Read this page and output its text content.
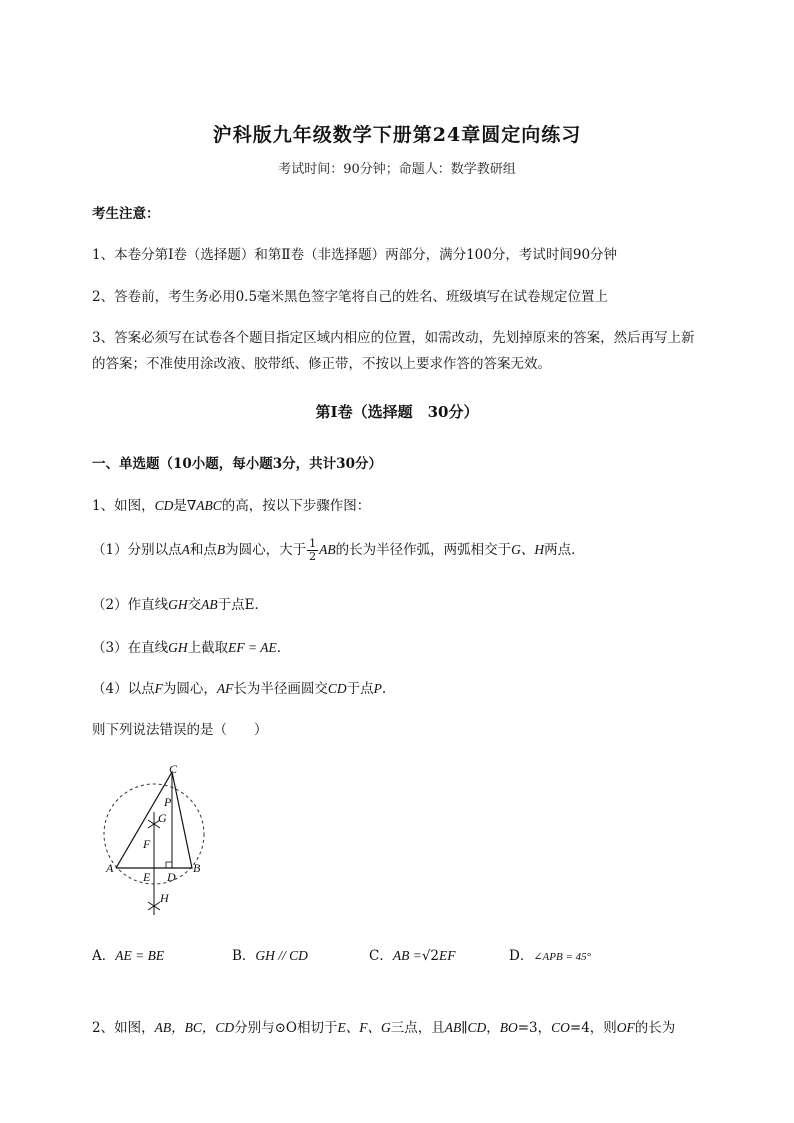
沪科版九年级数学下册第24章圆定向练习
考试时间：90分钟；命题人：数学教研组
考生注意：
1、本卷分第I卷（选择题）和第Ⅱ卷（非选择题）两部分，满分100分，考试时间90分钟
2、答卷前，考生务必用0.5毫米黑色签字笔将自己的姓名、班级填写在试卷规定位置上
3、答案必须写在试卷各个题目指定区域内相应的位置，如需改动，先划掉原来的答案，然后再写上新
的答案；不准使用涂改液、胶带纸、修正带，不按以上要求作答的答案无效。
第I卷（选择题　30分）
一、单选题（10小题，每小题3分，共计30分）
1、如图，CD是∇ABC的高，按以下步骤作图：
（1）分别以点A和点B为圆心，大于 $\frac{1}{2}$ AB的长为半径作弧，两弧相交于G、H两点．
（2）作直线GH交AB于点E．
（3）在直线GH上截取EF = AE．
（4）以点F为圆心，AF长为半径画圆交CD于点P.
则下列说法错误的是（　　）
C
P
G
F
A
E D
B
H
A．AE = BE	B．GH // CD	C．AB =√2EF	D．∠APB = 45°
2、如图，AB，BC，CD分别与⊙O相切于E、F、G三点，且AB∥CD，BO=3，CO=4，则OF的长为
